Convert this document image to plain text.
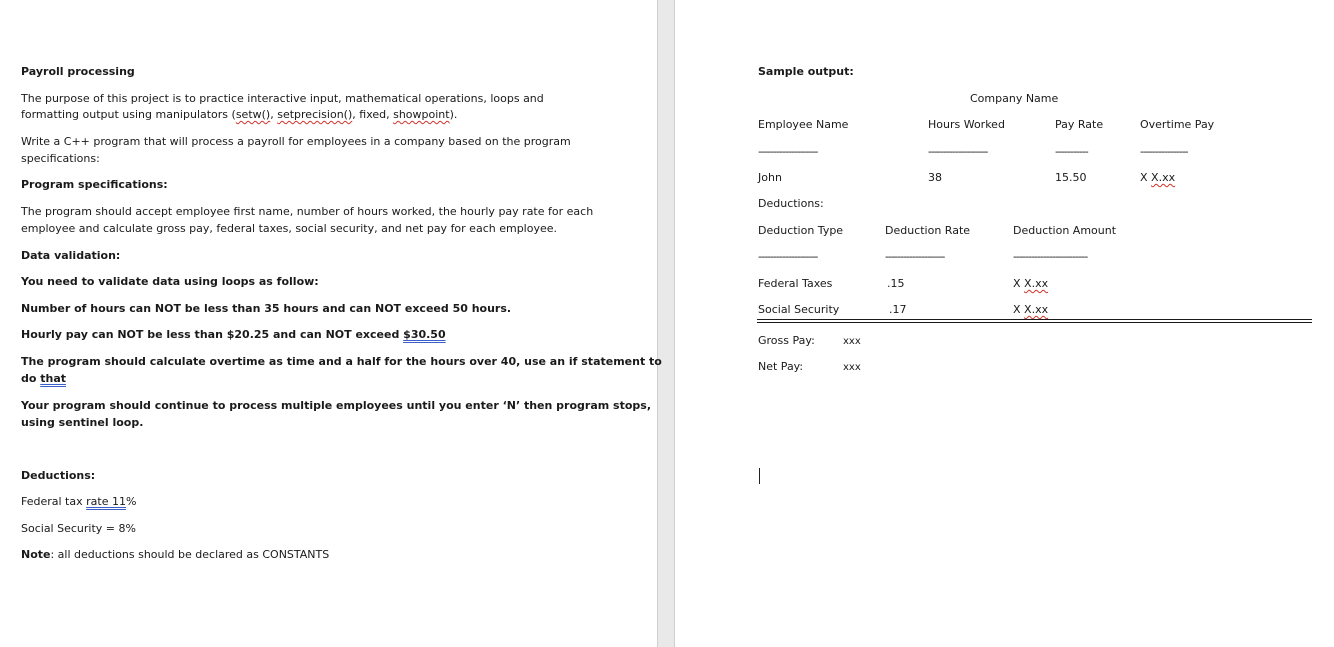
Payroll processing
The purpose of this project is to practice interactive input, mathematical operations, loops and
formatting output using manipulators (setw(), setprecision(), fixed, showpoint).
Write a C++ program that will process a payroll for employees in a company based on the program
specifications:
Program specifications:
The program should accept employee first name, number of hours worked, the hourly pay rate for each
employee and calculate gross pay, federal taxes, social security, and net pay for each employee.
Data validation:
You need to validate data using loops as follow:
Number of hours can NOT be less than 35 hours and can NOT exceed 50 hours.
Hourly pay can NOT be less than $20.25 and can NOT exceed $30.50
The program should calculate overtime as time and a half for the hours over 40, use an if statement to
do that
Your program should continue to process multiple employees until you enter ‘N’ then program stops,
using sentinel loop.
Deductions:
Federal tax rate 11%
Social Security = 8%
Note: all deductions should be declared as CONSTANTS
Sample output:
Company Name
Employee Name	Hours Worked	Pay Rate	Overtime Pay
--------------------	--------------------	-----------	----------------
John	38	15.50	X X.xx
Deductions:
Deduction Type	Deduction Rate	Deduction Amount
--------------------	--------------------	-------------------------
Federal Taxes	.15	X X.xx
Social Security	.17	X X.xx
Gross Pay:	xxx
Net Pay:	xxx
